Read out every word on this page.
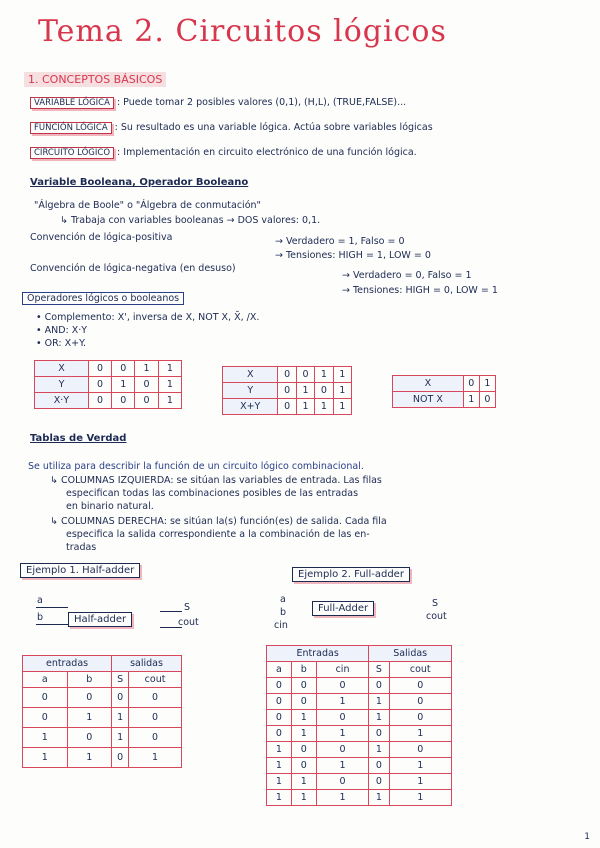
Tema 2. Circuitos lógicos
1. CONCEPTOS BÁSICOS
VARIABLE LÓGICA : Puede tomar 2 posibles valores (0,1), (H,L), (TRUE,FALSE)...
FUNCIÓN LÓGICA : Su resultado es una variable lógica. Actúa sobre variables lógicas
CIRCUITO LÓGICO : Implementación en circuito electrónico de una función lógica.
Variable Booleana, Operador Booleano
"Álgebra de Boole" o "Álgebra de conmutación"
↳ Trabaja con variables booleanas → DOS valores: 0,1.
Convención de lógica-positiva	→ Verdadero = 1, Falso = 0
→ Tensiones: HIGH = 1, LOW = 0
Convención de lógica-negativa (en desuso)
→ Verdadero = 0, Falso = 1
→ Tensiones: HIGH = 0, LOW = 1
Operadores lógicos o booleanos
• Complemento: X', inversa de X, NOT X, X̄, /X.
• AND: X·Y
• OR: X+Y.
X	0	0	1	1
Y	0	1	0	1
X·Y	0	0	0	1
X	0	0	1	1
Y	0	1	0	1
X+Y	0	1	1	1
X	0	1
NOT X	1	0
Tablas de Verdad
Se utiliza para describir la función de un circuito lógico combinacional.
↳ COLUMNAS IZQUIERDA: se sitúan las variables de entrada. Las filas
especifican todas las combinaciones posibles de las entradas
en binario natural.
↳ COLUMNAS DERECHA: se sitúan la(s) función(es) de salida. Cada fila
especifica la salida correspondiente a la combinación de las en-
tradas
Ejemplo 1. Half-adder
a
b	Half-adder
S
cout
entradas		salidas	
a	b	S	cout
0	0	0	0
0	1	1	0
1	0	1	0
1	1	0	1
Ejemplo 2. Full-adder
a
b
cin
Full-Adder	S
cout
Entradas			Salidas	
a	b	cin	S	cout
0	0	0	0	0
0	0	1	1	0
0	1	0	1	0
0	1	1	0	1
1	0	0	1	0
1	0	1	0	1
1	1	0	0	1
1	1	1	1	1
1
